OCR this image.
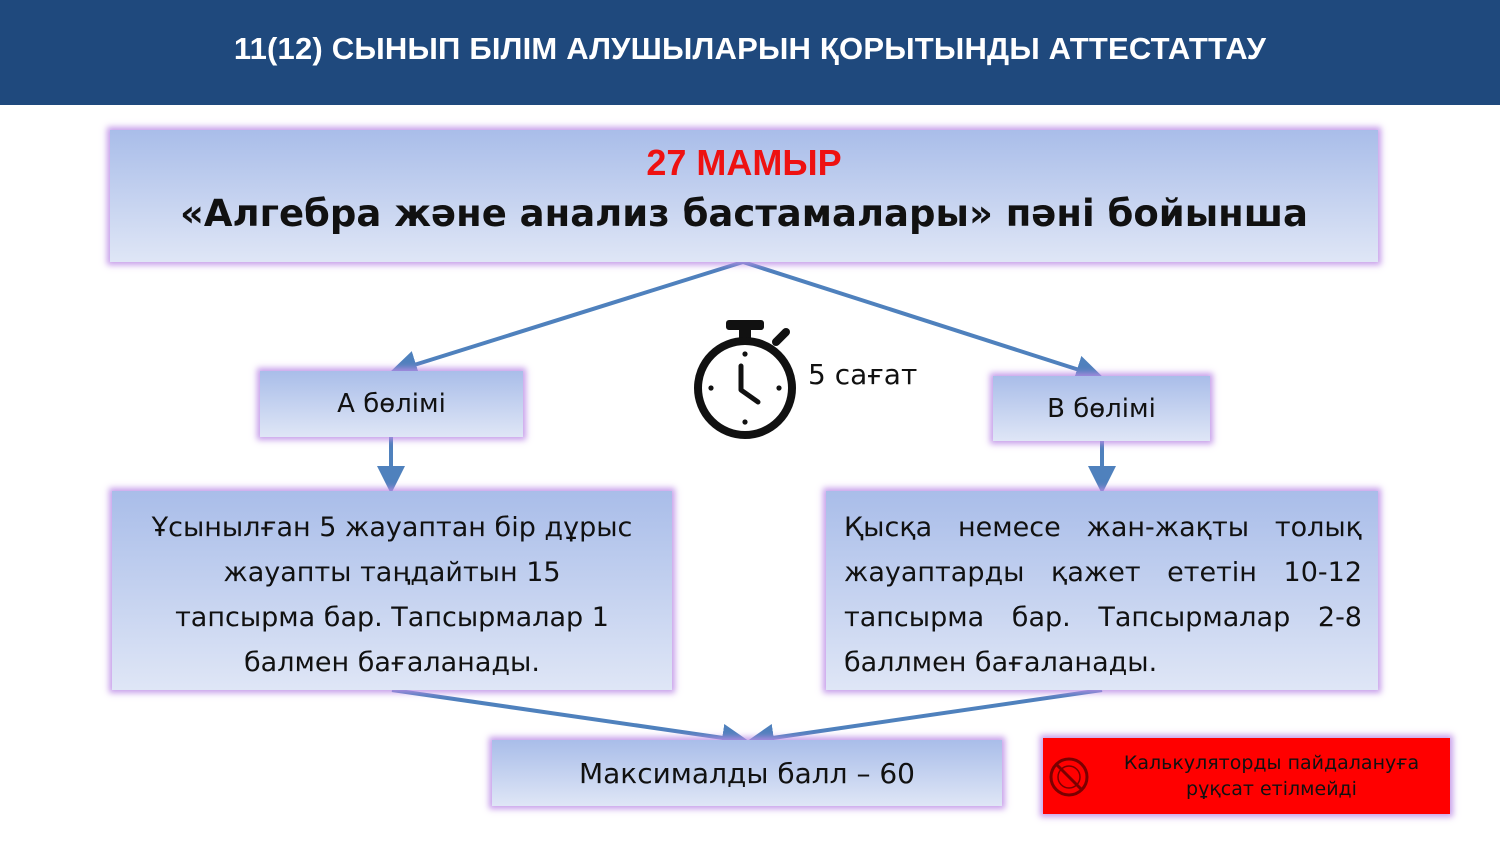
11(12) СЫНЫП БІЛІМ АЛУШЫЛАРЫН ҚОРЫТЫНДЫ АТТЕСТАТТАУ
27 МАМЫР
«Алгебра және анализ бастамалары» пәні бойынша
5 сағат
А бөлімі	В бөлімі
Ұсынылған 5 жауаптан бір дұрыс
жауапты таңдайтын 15
тапсырма бар. Тапсырмалар 1
балмен бағаланады.
Қысқа немесе жан-жақты толық
жауаптарды қажет ететін 10-12
тапсырма бар. Тапсырмалар 2-8
баллмен бағаланады.
Максималды балл – 60	Калькуляторды пайдалануға
рұқсат етілмейді
